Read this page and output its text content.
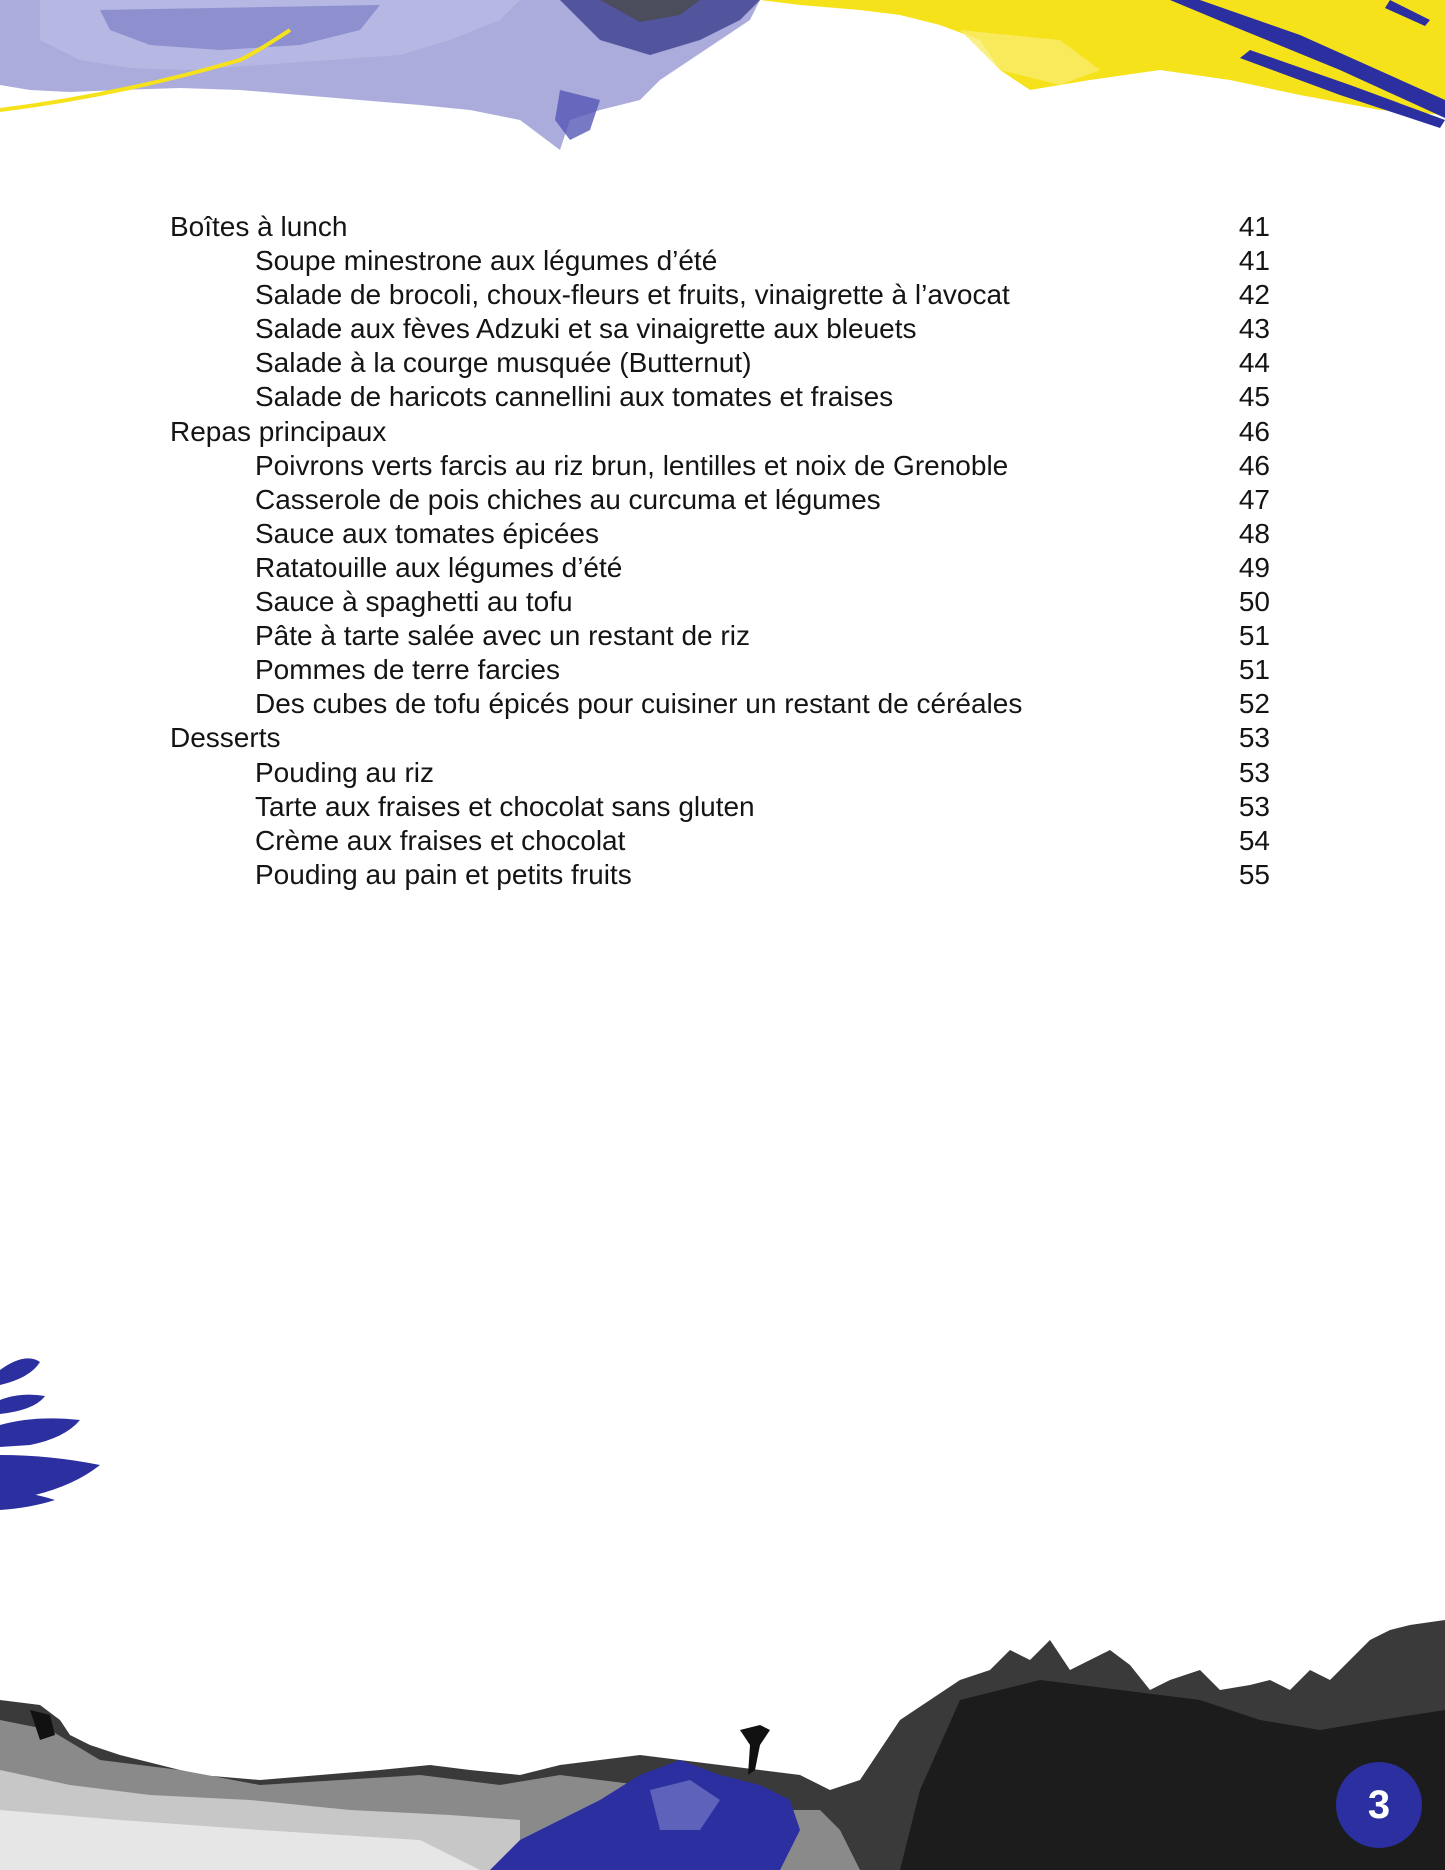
Boîtes à lunch	41
Soupe minestrone aux légumes d’été	41
Salade de brocoli, choux-fleurs et fruits, vinaigrette à l’avocat	42
Salade aux fèves Adzuki et sa vinaigrette aux bleuets	43
Salade à la courge musquée (Butternut)	44
Salade de haricots cannellini aux tomates et fraises	45
Repas principaux	46
Poivrons verts farcis au riz brun, lentilles et noix de Grenoble	46
Casserole de pois chiches au curcuma et légumes	47
Sauce aux tomates épicées	48
Ratatouille aux légumes d’été	49
Sauce à spaghetti au tofu	50
Pâte à tarte salée avec un restant de riz	51
Pommes de terre farcies	51
Des cubes de tofu épicés pour cuisiner un restant de céréales	52
Desserts	53
Pouding au riz	53
Tarte aux fraises et chocolat sans gluten	53
Crème aux fraises et chocolat	54
Pouding au pain et petits fruits	55
3
